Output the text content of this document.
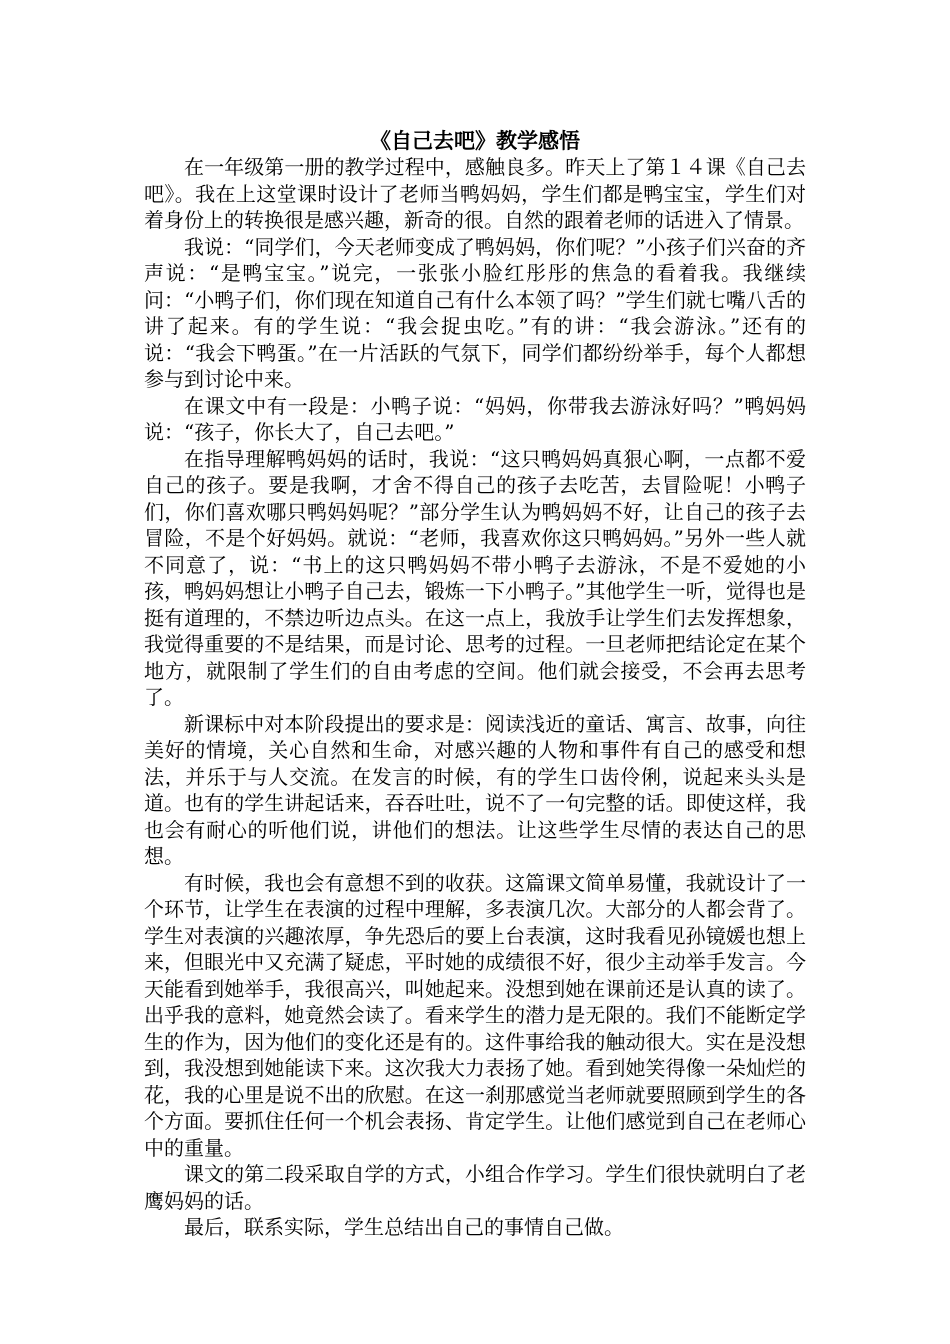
《自己去吧》教学感悟

在一年级第一册的教学过程中，感触良多。昨天上了第１４课《自己去吧》。我在上这堂课时设计了老师当鸭妈妈，学生们都是鸭宝宝，学生们对着身份上的转换很是感兴趣，新奇的很。自然的跟着老师的话进入了情景。

我说：“同学们，今天老师变成了鸭妈妈，你们呢？”小孩子们兴奋的齐声说：“是鸭宝宝。”说完，一张张小脸红彤彤的焦急的看着我。我继续问：“小鸭子们，你们现在知道自己有什么本领了吗？”学生们就七嘴八舌的讲了起来。有的学生说：“我会捉虫吃。”有的讲：“我会游泳。”还有的说：“我会下鸭蛋。”在一片活跃的气氛下，同学们都纷纷举手，每个人都想参与到讨论中来。

在课文中有一段是：小鸭子说：“妈妈，你带我去游泳好吗？”鸭妈妈说：“孩子，你长大了，自己去吧。”

在指导理解鸭妈妈的话时，我说：“这只鸭妈妈真狠心啊，一点都不爱自己的孩子。要是我啊，才舍不得自己的孩子去吃苦，去冒险呢！小鸭子们，你们喜欢哪只鸭妈妈呢？”部分学生认为鸭妈妈不好，让自己的孩子去冒险，不是个好妈妈。就说：“老师，我喜欢你这只鸭妈妈。”另外一些人就不同意了，说：“书上的这只鸭妈妈不带小鸭子去游泳，不是不爱她的小孩，鸭妈妈想让小鸭子自己去，锻炼一下小鸭子。”其他学生一听，觉得也是挺有道理的，不禁边听边点头。在这一点上，我放手让学生们去发挥想象，我觉得重要的不是结果，而是讨论、思考的过程。一旦老师把结论定在某个地方，就限制了学生们的自由考虑的空间。他们就会接受，不会再去思考了。

新课标中对本阶段提出的要求是：阅读浅近的童话、寓言、故事，向往美好的情境，关心自然和生命，对感兴趣的人物和事件有自己的感受和想法，并乐于与人交流。在发言的时候，有的学生口齿伶俐，说起来头头是道。也有的学生讲起话来，吞吞吐吐，说不了一句完整的话。即使这样，我也会有耐心的听他们说，讲他们的想法。让这些学生尽情的表达自己的思想。

有时候，我也会有意想不到的收获。这篇课文简单易懂，我就设计了一个环节，让学生在表演的过程中理解，多表演几次。大部分的人都会背了。学生对表演的兴趣浓厚，争先恐后的要上台表演，这时我看见孙镜媛也想上来，但眼光中又充满了疑虑，平时她的成绩很不好，很少主动举手发言。今天能看到她举手，我很高兴，叫她起来。没想到她在课前还是认真的读了。出乎我的意料，她竟然会读了。看来学生的潜力是无限的。我们不能断定学生的作为，因为他们的变化还是有的。这件事给我的触动很大。实在是没想到，我没想到她能读下来。这次我大力表扬了她。看到她笑得像一朵灿烂的花，我的心里是说不出的欣慰。在这一刹那感觉当老师就要照顾到学生的各个方面。要抓住任何一个机会表扬、肯定学生。让他们感觉到自己在老师心中的重量。

课文的第二段采取自学的方式，小组合作学习。学生们很快就明白了老鹰妈妈的话。

最后，联系实际，学生总结出自己的事情自己做。
